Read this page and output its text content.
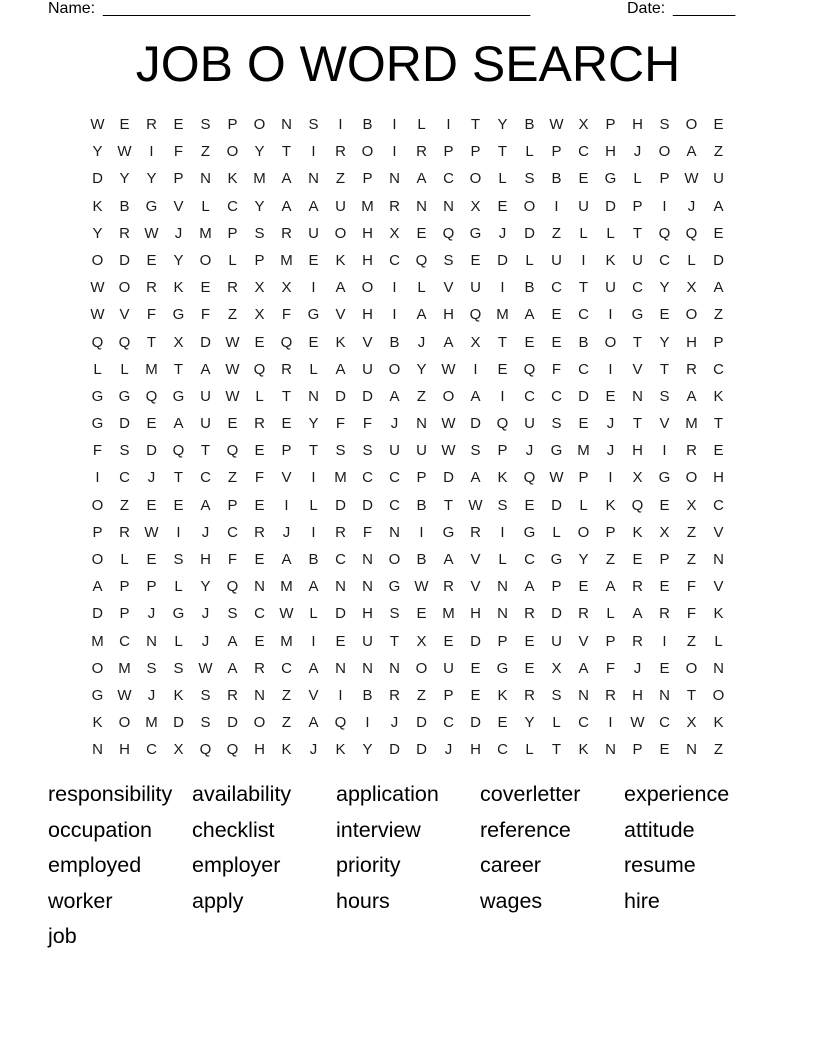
Name: ________________________________________________	Date: _______
JOB O WORD SEARCH
W E	R	E	S	P	O	N	S	I	B	I	L	I	T	Y	B W X	P	H	S	O	E
Y W	I	F	Z	O	Y	T	I	R	O	I	R	P	P	T	L	P	C	H	J	O	A	Z
D	Y	Y	P	N	K	M	A	N	Z	P	N	A	C	O	L	S	B	E	G	L	P W U
K	B	G	V	L	C	Y	A	A	U	M	R	N	N	X	E	O	I	U	D	P	I	J	A
Y	R W	J	M	P	S	R	U	O	H	X	E	Q	G	J	D	Z	L	L	T	Q	Q	E
O	D	E	Y	O	L	P	M	E	K	H	C	Q	S	E	D	L	U	I	K	U	C	L	D
W O	R	K	E	R	X	X	I	A	O	I	L	V	U	I	B	C	T	U	C	Y	X	A
W V	F	G	F	Z	X	F	G	V	H	I	A	H	Q M	A	E	C	I	G	E	O	Z
Q	Q	T	X	D W E	Q	E	K	V	B	J	A	X	T	E	E	B	O	T	Y	H	P
L	L	M	T	A W Q	R	L	A	U	O	Y W	I	E	Q	F	C	I	V	T	R	C
G	G	Q	G	U W	L	T	N	D	D	A	Z	O	A	I	C	C	D	E	N	S	A	K
G	D	E	A	U	E	R	E	Y	F	F	J	N W D	Q	U	S	E	J	T	V	M	T
F	S	D	Q	T	Q	E	P	T	S	S	U	U W S	P	J	G M	J	H	I	R	E
I	C	J	T	C	Z	F	V	I	M	C	C	P	D	A	K	Q W P	I	X	G	O	H
O	Z	E	E	A	P	E	I	L	D	D	C	B	T	W S	E	D	L	K	Q	E	X	C
P	R W	I	J	C	R	J	I	R	F	N	I	G	R	I	G	L	O	P	K	X	Z	V
O	L	E	S	H	F	E	A	B	C	N	O	B	A	V	L	C	G	Y	Z	E	P	Z	N
A	P	P	L	Y	Q	N	M	A	N	N	G W R	V	N	A	P	E	A	R	E	F	V
D	P	J	G	J	S	C W	L	D	H	S	E	M	H	N	R	D	R	L	A	R	F	K
M	C	N	L	J	A	E	M	I	E	U	T	X	E	D	P	E	U	V	P	R	I	Z	L
O M	S	S W A	R	C	A	N	N	N	O	U	E	G	E	X	A	F	J	E	O	N
G W	J	K	S	R	N	Z	V	I	B	R	Z	P	E	K	R	S	N	R	H	N	T	O
K	O M	D	S	D	O	Z	A	Q	I	J	D	C	D	E	Y	L	C	I	W C	X	K
N	H	C	X	Q	Q	H	K	J	K	Y	D	D	J	H	C	L	T	K	N	P	E	N	Z
responsibility availability	application	coverletter	experience
occupation	checklist	interview	reference	attitude
employed	employer	priority	career	resume
worker	apply	hours	wages	hire
job
